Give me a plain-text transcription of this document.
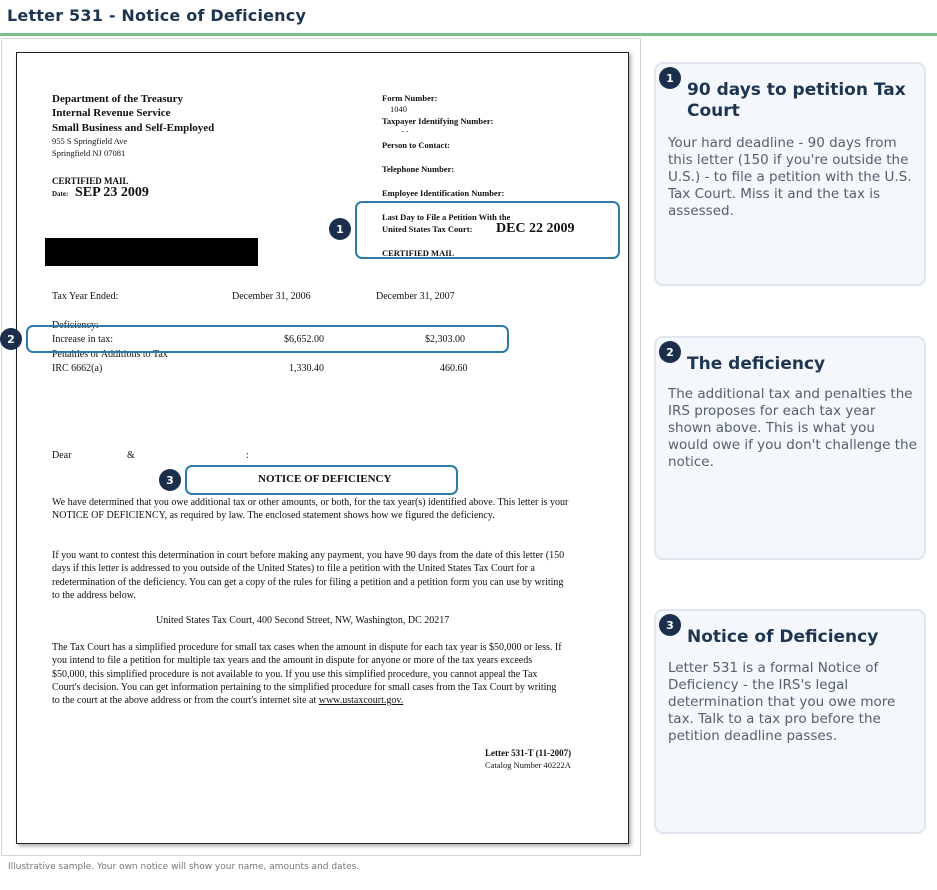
Letter 531 - Notice of Deficiency
Department of the Treasury
Internal Revenue Service
Small Business and Self-Employed
955 S Springfield Ave
Springfield NJ 07081
CERTIFIED MAIL
Date: SEP 23 2009
Form Number:
1040
Taxpayer Identifying Number:
- -
Person to Contact:
Telephone Number:
Employee Identification Number:
Last Day to File a Petition With the
United States Tax Court: DEC 22 2009
CERTIFIED MAIL
Tax Year Ended:	December 31, 2006	December 31, 2007
Deficiency:
Increase in tax:	$6,652.00	$2,303.00
Penalties or Additions to Tax
IRC 6662(a)	1,330.40	460.60
Dear	&	:
NOTICE OF DEFICIENCY
We have determined that you owe additional tax or other amounts, or both, for the tax year(s) identified above. This letter is your NOTICE OF DEFICIENCY, as required by law. The enclosed statement shows how we figured the deficiency.
If you want to contest this determination in court before making any payment, you have 90 days from the date of this letter (150 days if this letter is addressed to you outside of the United States) to file a petition with the United States Tax Court for a redetermination of the deficiency. You can get a copy of the rules for filing a petition and a petition form you can use by writing to the address below.
United States Tax Court, 400 Second Street, NW, Washington, DC 20217
The Tax Court has a simplified procedure for small tax cases when the amount in dispute for each tax year is $50,000 or less. If you intend to file a petition for multiple tax years and the amount in dispute for anyone or more of the tax years exceeds $50,000, this simplified procedure is not available to you. If you use this simplified procedure, you cannot appeal the Tax Court's decision. You can get information pertaining to the simplified procedure for small cases from the Tax Court by writing to the court at the above address or from the court's internet site at www.ustaxcourt.gov.
Letter 531-T (11-2007)
Catalog Number 40222A
1
2
3
1
90 days to petition Tax Court

Your hard deadline - 90 days from this letter (150 if you're outside the U.S.) - to file a petition with the U.S. Tax Court. Miss it and the tax is assessed.

2
The deficiency

The additional tax and penalties the IRS proposes for each tax year shown above. This is what you would owe if you don't challenge the notice.

3
Notice of Deficiency

Letter 531 is a formal Notice of Deficiency - the IRS's legal determination that you owe more tax. Talk to a tax pro before the petition deadline passes.

Illustrative sample. Your own notice will show your name, amounts and dates.
